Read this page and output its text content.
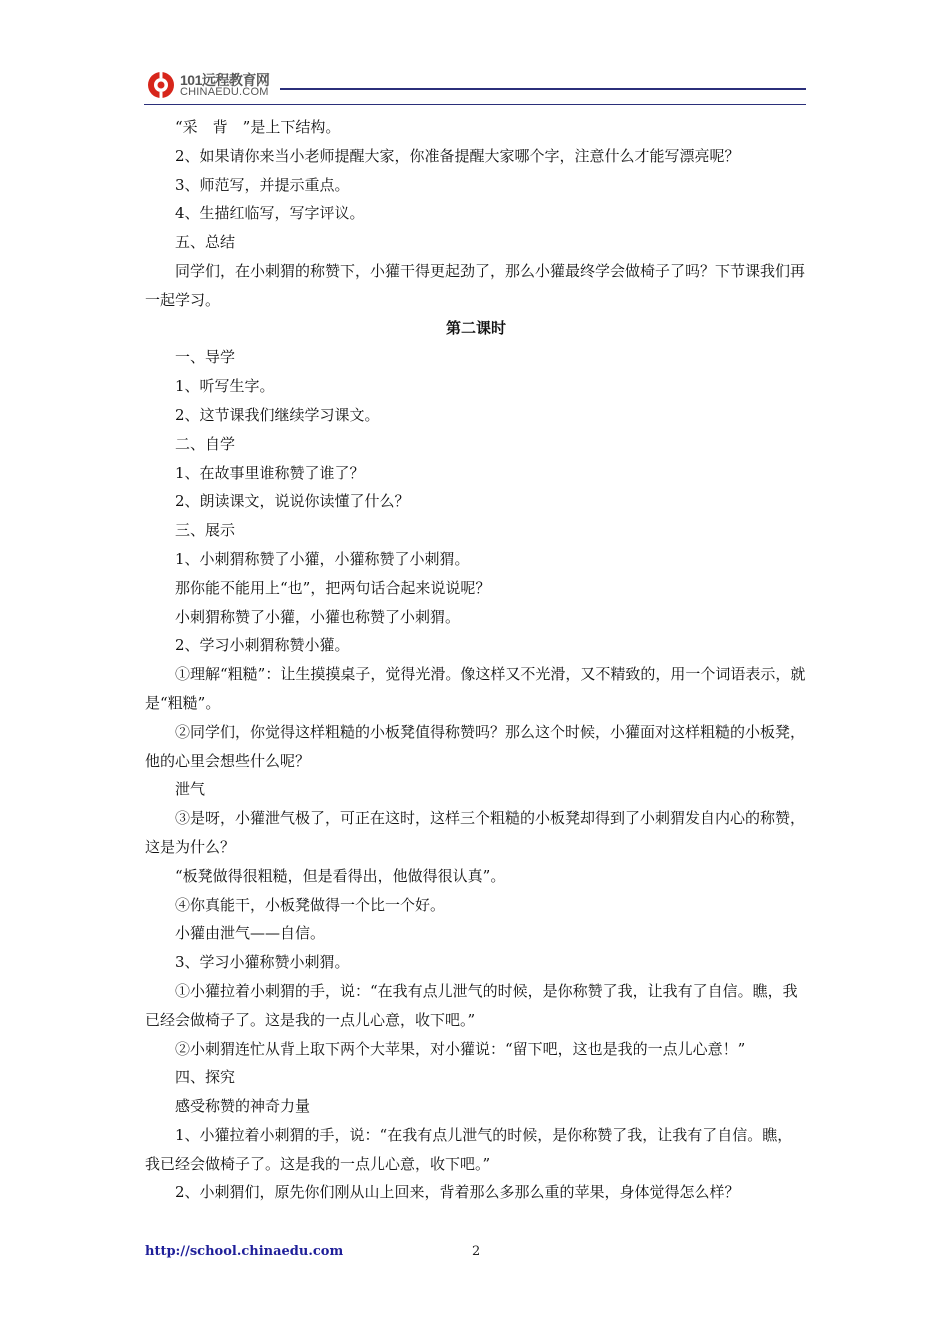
101远程教育网
CHINAEDU.COM

“采　背　”是上下结构。

2、如果请你来当小老师提醒大家，你准备提醒大家哪个字，注意什么才能写漂亮呢？

3、师范写，并提示重点。

4、生描红临写，写字评议。

五、总结

同学们，在小刺猬的称赞下，小獾干得更起劲了，那么小獾最终学会做椅子了吗？下节课我们再一起学习。

第二课时

一、导学

1、听写生字。

2、这节课我们继续学习课文。

二、自学

1、在故事里谁称赞了谁了？

2、朗读课文，说说你读懂了什么？

三、展示

1、小刺猬称赞了小獾，小獾称赞了小刺猬。

那你能不能用上“也”，把两句话合起来说说呢？

小刺猬称赞了小獾，小獾也称赞了小刺猬。

2、学习小刺猬称赞小獾。

①理解“粗糙”：让生摸摸桌子，觉得光滑。像这样又不光滑，又不精致的，用一个词语表示，就是“粗糙”。

②同学们，你觉得这样粗糙的小板凳值得称赞吗？那么这个时候，小獾面对这样粗糙的小板凳，他的心里会想些什么呢？

泄气

③是呀，小獾泄气极了，可正在这时，这样三个粗糙的小板凳却得到了小刺猬发自内心的称赞，这是为什么？

“板凳做得很粗糙，但是看得出，他做得很认真”。

④你真能干，小板凳做得一个比一个好。

小獾由泄气——自信。

3、学习小獾称赞小刺猬。

①小獾拉着小刺猬的手，说：“在我有点儿泄气的时候，是你称赞了我，让我有了自信。瞧，我已经会做椅子了。这是我的一点儿心意，收下吧。”

②小刺猬连忙从背上取下两个大苹果，对小獾说：“留下吧，这也是我的一点儿心意！”

四、探究

感受称赞的神奇力量

1、小獾拉着小刺猬的手，说：“在我有点儿泄气的时候，是你称赞了我，让我有了自信。瞧，我已经会做椅子了。这是我的一点儿心意，收下吧。”

2、小刺猬们，原先你们刚从山上回来，背着那么多那么重的苹果，身体觉得怎么样？

http://school.chinaedu.com	2
